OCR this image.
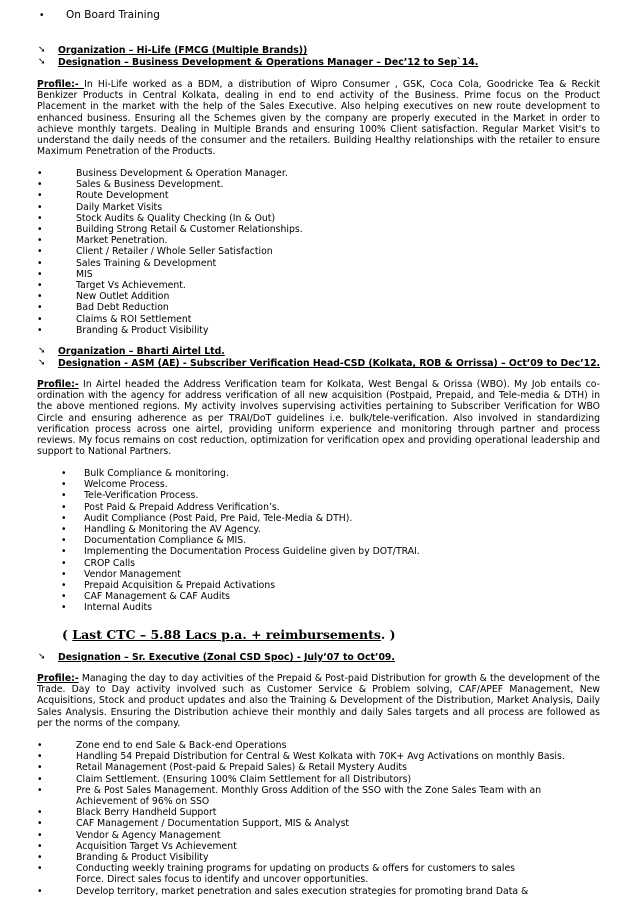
• On Board Training
➘ Organization – Hi-Life (FMCG (Multiple Brands))
➘ Designation – Business Development & Operations Manager – Dec’12 to Sep`14.
Profile:- In Hi-Life worked as a BDM, a distribution of Wipro Consumer , GSK, Coca Cola, Goodricke Tea & Reckit Benkizer Products in Central Kolkata, dealing in end to end activity of the Business. Prime focus on the Product Placement in the market with the help of the Sales Executive. Also helping executives on new route development to enhanced business. Ensuring all the Schemes given by the company are properly executed in the Market in order to achieve monthly targets. Dealing in Multiple Brands and ensuring 100% Client satisfaction. Regular Market Visit's to understand the daily needs of the consumer and the retailers. Building Healthy relationships with the retailer to ensure Maximum Penetration of the Products.
•	Business Development & Operation Manager.

•	Sales & Business Development.

•	Route Development

•	Daily Market Visits

•	Stock Audits & Quality Checking (In & Out)

•	Building Strong Retail & Customer Relationships.

•	Market Penetration.

•	Client / Retailer / Whole Seller Satisfaction

•	Sales Training & Development

•	MIS

•	Target Vs Achievement.

•	New Outlet Addition

•	Bad Debt Reduction

•	Claims & ROI Settlement

•	Branding & Product Visibility

➘ Organization – Bharti Airtel Ltd.
➘ Designation - ASM (AE) - Subscriber Verification Head-CSD (Kolkata, ROB & Orrissa) – Oct’09 to Dec’12.
Profile:- In Airtel headed the Address Verification team for Kolkata, West Bengal & Orissa (WBO). My Job entails co-ordination with the agency for address verification of all new acquisition (Postpaid, Prepaid, and Tele-media & DTH) in the above mentioned regions. My activity involves supervising activities pertaining to Subscriber Verification for WBO Circle and ensuring adherence as per TRAI/DoT guidelines i.e. bulk/tele-verification. Also involved in standardizing verification process across one airtel, providing uniform experience and monitoring through partner and process reviews. My focus remains on cost reduction, optimization for verification opex and providing operational leadership and support to National Partners.
• Bulk Compliance & monitoring.

• Welcome Process.

• Tele-Verification Process.

• Post Paid & Prepaid Address Verification’s.

• Audit Compliance (Post Paid, Pre Paid, Tele-Media & DTH).

• Handling & Monitoring the AV Agency.

• Documentation Compliance & MIS.

• Implementing the Documentation Process Guideline given by DOT/TRAI.

• CROP Calls

• Vendor Management

• Prepaid Acquisition & Prepaid Activations

• CAF Management & CAF Audits

• Internal Audits

( Last CTC – 5.88 Lacs p.a. + reimbursements. )
➘ Designation – Sr. Executive (Zonal CSD Spoc) - July’07 to Oct’09.
Profile:- Managing the day to day activities of the Prepaid & Post-paid Distribution for growth & the development of the Trade. Day to Day activity involved such as Customer Service & Problem solving, CAF/APEF Management, New Acquisitions, Stock and product updates and also the Training & Development of the Distribution, Market Analysis, Daily Sales Analysis. Ensuring the Distribution achieve their monthly and daily Sales targets and all process are followed as per the norms of the company.
•	Zone end to end Sale & Back-end Operations

•	Handling 54 Prepaid Distribution for Central & West Kolkata with 70K+ Avg Activations on monthly Basis.

•	Retail Management (Post-paid & Prepaid Sales) & Retail Mystery Audits

•	Claim Settlement. (Ensuring 100% Claim Settlement for all Distributors)

•	Pre & Post Sales Management. Monthly Gross Addition of the SSO with the Zone Sales Team with an

Achievement of 96% on SSO

•	Black Berry Handheld Support

•	CAF Management / Documentation Support, MIS & Analyst

•	Vendor & Agency Management

•	Acquisition Target Vs Achievement

•	Branding & Product Visibility

•	Conducting weekly training programs for updating on products & offers for customers to sales

Force. Direct sales focus to identify and uncover opportunities.

•	Develop territory, market penetration and sales execution strategies for promoting brand Data &
